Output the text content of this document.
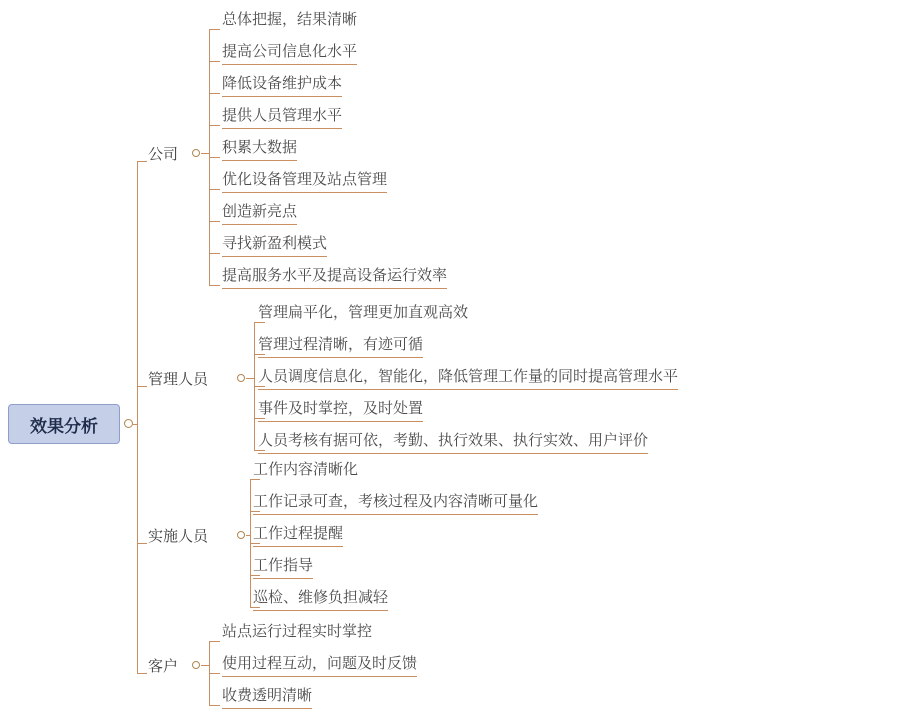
效果分析
公司
总体把握，结果清晰
提高公司信息化水平
降低设备维护成本
提供人员管理水平
积累大数据
优化设备管理及站点管理
创造新亮点
寻找新盈利模式
提高服务水平及提高设备运行效率
管理人员
管理扁平化，管理更加直观高效
管理过程清晰，有迹可循
人员调度信息化，智能化，降低管理工作量的同时提高管理水平
事件及时掌控，及时处置
人员考核有据可依，考勤、执行效果、执行实效、用户评价
实施人员
工作内容清晰化
工作记录可查，考核过程及内容清晰可量化
工作过程提醒
工作指导
巡检、维修负担减轻
客户
站点运行过程实时掌控
使用过程互动，问题及时反馈
收费透明清晰
